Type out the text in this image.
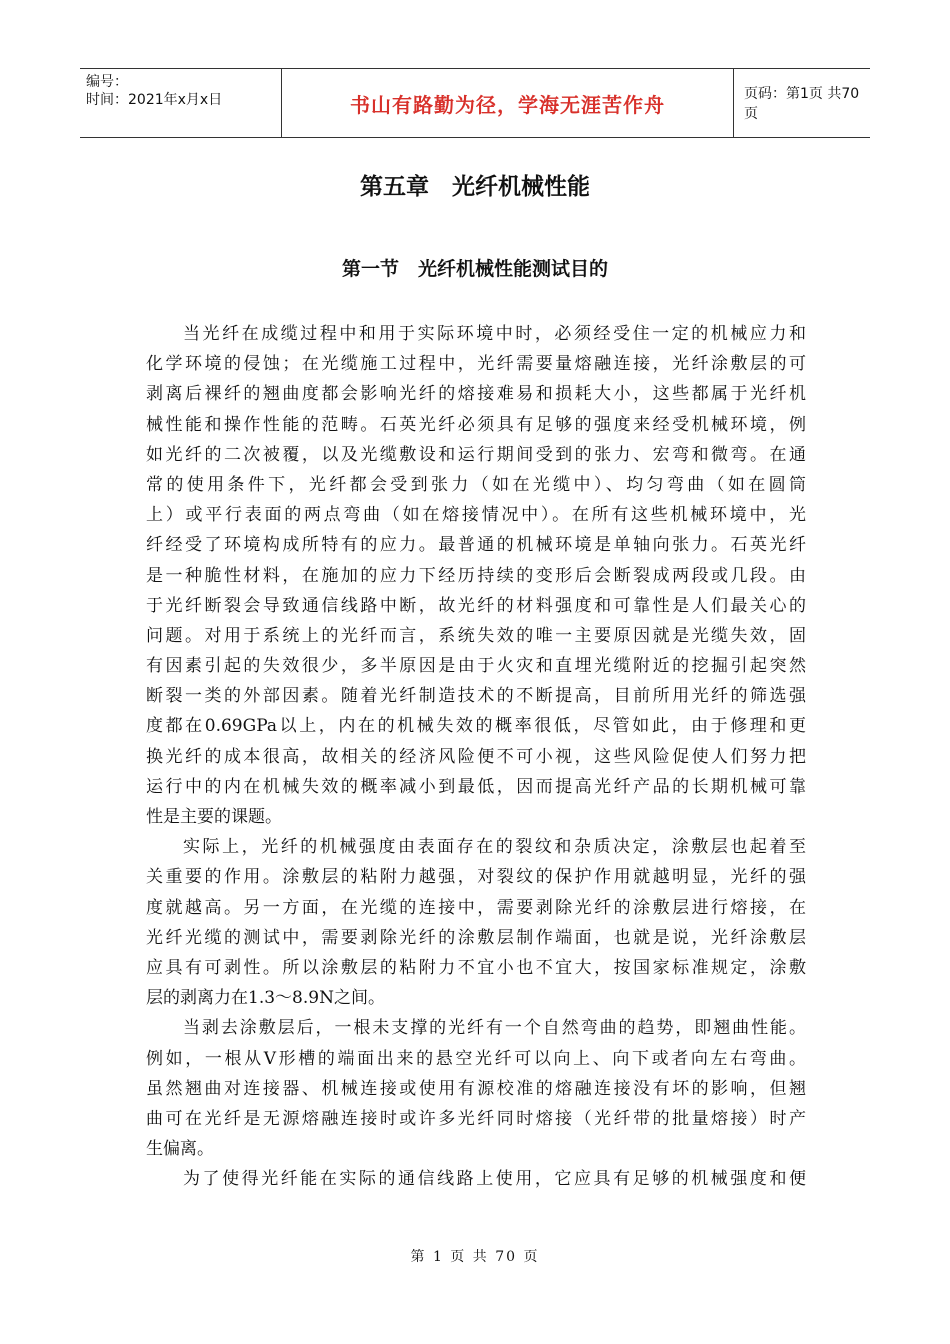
编号：
时间：2021年x月x日	书山有路勤为径，学海无涯苦作舟	页码：第1页 共70页
第五章　光纤机械性能
第一节　光纤机械性能测试目的
当光纤在成缆过程中和用于实际环境中时，必须经受住一定的机械应力和
化学环境的侵蚀；在光缆施工过程中，光纤需要量熔融连接，光纤涂敷层的可
剥离后裸纤的翘曲度都会影响光纤的熔接难易和损耗大小，这些都属于光纤机
械性能和操作性能的范畴。石英光纤必须具有足够的强度来经受机械环境，例
如光纤的二次被覆，以及光缆敷设和运行期间受到的张力、宏弯和微弯。在通
常的使用条件下，光纤都会受到张力（如在光缆中）、均匀弯曲（如在圆筒
上）或平行表面的两点弯曲（如在熔接情况中）。在所有这些机械环境中，光
纤经受了环境构成所特有的应力。最普通的机械环境是单轴向张力。石英光纤
是一种脆性材料，在施加的应力下经历持续的变形后会断裂成两段或几段。由
于光纤断裂会导致通信线路中断，故光纤的材料强度和可靠性是人们最关心的
问题。对用于系统上的光纤而言，系统失效的唯一主要原因就是光缆失效，固
有因素引起的失效很少，多半原因是由于火灾和直埋光缆附近的挖掘引起突然
断裂一类的外部因素。随着光纤制造技术的不断提高，目前所用光纤的筛选强
度都在0.69GPa以上，内在的机械失效的概率很低，尽管如此，由于修理和更
换光纤的成本很高，故相关的经济风险便不可小视，这些风险促使人们努力把
运行中的内在机械失效的概率减小到最低，因而提高光纤产品的长期机械可靠
性是主要的课题。
实际上，光纤的机械强度由表面存在的裂纹和杂质决定，涂敷层也起着至
关重要的作用。涂敷层的粘附力越强，对裂纹的保护作用就越明显，光纤的强
度就越高。另一方面，在光缆的连接中，需要剥除光纤的涂敷层进行熔接，在
光纤光缆的测试中，需要剥除光纤的涂敷层制作端面，也就是说，光纤涂敷层
应具有可剥性。所以涂敷层的粘附力不宜小也不宜大，按国家标准规定，涂敷
层的剥离力在1.3～8.9N之间。
当剥去涂敷层后，一根未支撑的光纤有一个自然弯曲的趋势，即翘曲性能。
例如，一根从V形槽的端面出来的悬空光纤可以向上、向下或者向左右弯曲。
虽然翘曲对连接器、机械连接或使用有源校准的熔融连接没有坏的影响，但翘
曲可在光纤是无源熔融连接时或许多光纤同时熔接（光纤带的批量熔接）时产
生偏离。
为了使得光纤能在实际的通信线路上使用，它应具有足够的机械强度和便
第 1 页 共 70 页
